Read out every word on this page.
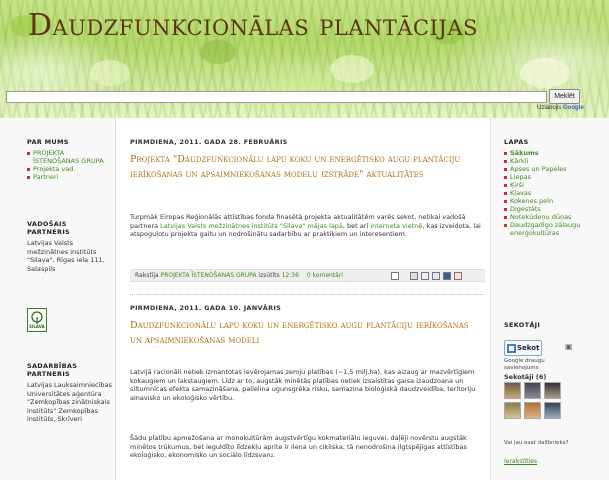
Daudzfunkcionālas plantācijas
Meklēt
Uzlabojis Google
PAR MUMS
PROJEKTA ĪSTENOŠANAS GRUPA
Projekta vad.
Partneri
VADOŠAIS PARTNERIS
Latvijas Valsts mežzinātnes institūts "Silava", Rīgas iela 111, Salaspils
SILAVA
SADARBĪBAS PARTNERIS
Latvijas Lauksaimniecības Universitātes aģentūra "Zemkopības zinātniskais institūts" Zemkopības institūts, Skrīveri
PIRMDIENA, 2011. GADA 28. FEBRUĀRIS
Projekta "Daudzfunkcionālu lapu koku un enerģētisko augu plantāciju ierīkošanas un apsaimniekošanas modeļu izstrāde" aktualitātes
Turpmāk Eiropas Reģionālās attīstības fonda finasētā projekta aktualitātēm varēs sekot, netikai vadošā partnera Latvijas Valsts mežzinātnes institūts "Silava" mājas lapā, bet arī interneta vietnē, kas izveidota, lai atspoguļotu projekta gaitu un nodrošinātu sadarbību ar praktiķiem un interesentiem.
Rakstīja PROJEKTA ĪSTENOŠANAS GRUPA izsūtīts 12:36 0 komentāri
PIRMDIENA, 2011. GADA 10. JANVĀRIS
Daudzfunkcionālu lapu koku un enerģētisko augu plantāciju ierīkošanas un apsaimniekošanas modeļi
Latvijā racionāli netiek izmantotas ievērojamas zemju platības (~1,5 milj.ha), kas aizaug ar mazvērtīgiem kokaugiem un lakstaugiem. Līdz ar to, augstāk minētās platības netiek izsaistītas gaisa izaudzoana un siltumnīcas efekta samazināšana, palielina ugunsgrēka risku, samazina bioloģiskā daudzveidība, teritoriju ainavisko un ekoloģisko vērtību.
Šādu platību apmežošana ar monokultūrām augstvērtīgu kokmateriālu ieguvei, daļēji novērstu augstāk minētos trūkumus, bet ieguldīto līdzekļu aprite ir ilena un cikliska, tā nenodrošina ilgtspējīgas attīstības ekoloģisko, ekonomisko un sociālo līdzsvaru.
LAPAS
Sākums
Kārkli
Apses un Papeles
Liepas
Ķirši
Kļavas
Kokenes peln
Digestāts
Notekūdeņu dūņas
Daudzgadīgo zālaugu enerģokultūras
SEKOTĀJI
Sekot	▣
Google draugu savienojums
Sekotāji (6)
Vai jau esat dalībnieks?
Ierakstīties
